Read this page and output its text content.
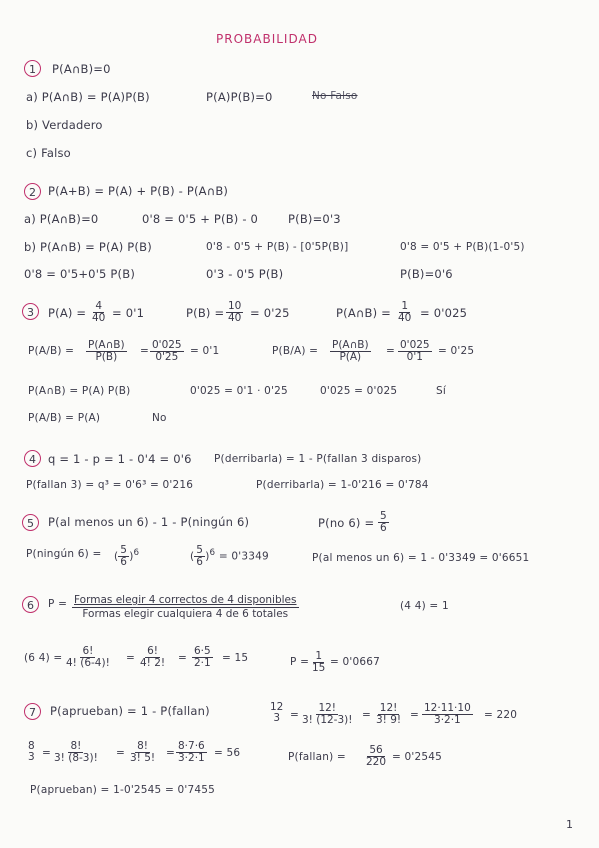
PROBABILIDAD
1	P(A∩B)=0
a) P(A∩B) = P(A)P(B)	P(A)P(B)=0	No Falso
b) Verdadero
c) Falso
2	P(A+B) = P(A) + P(B) - P(A∩B)
a) P(A∩B)=0	0'8 = 0'5 + P(B) - 0	P(B)=0'3
b) P(A∩B) = P(A) P(B)	0'8 - 0'5 + P(B) - [0'5P(B)]	0'8 = 0'5 + P(B)(1-0'5)
0'8 = 0'5+0'5 P(B)	0'3 - 0'5 P(B)	P(B)=0'6
3	$P(A) = \frac{4}{40} = 0'1$	$P(B) = \frac{10}{40} = 0'25$	P(A∩B) = $\frac{1}{40} = 0'025$
$P(A/B) = \frac{P(A\cap B)}{P(B)} = \frac{0'025}{0'25} = 0'1$	$P(B/A) = \frac{P(A\cap B)}{P(A)} = \frac{0'025}{0'1} = 0'25$
P(A∩B) = P(A) P(B)	0'025 = 0'1 · 0'25	0'025 = 0'025	Sí
P(A/B) = P(A)	No
4	q = 1 - p = 1 - 0'4 = 0'6 P(derribarla) = 1 - P(fallan 3 disparos)
P(fallan 3) = q³ = 0'6³ = 0'216	P(derribarla) = 1-0'216 = 0'784
5	P(al menos un 6) - 1 - P(ningún 6)	P(no $6) = \frac{5}{6}$
P(ningún 6) = ( $\frac{5}{6} )^6$	( $\frac{5}{6} )^6 = 0'3349$	P(al menos un 6) = 1 - 0'3349 = 0'6651
6	P = Formas elegir 4 correctos de 4 disponibles
Formas elegir cualquiera 4 de 6 totales
(4 4) = 1
(6 $4) = \frac{6!}{4! (6-4)!} = \frac{6!}{4! 2!} = \frac{6\cdot 5}{2\cdot 1} = 15$	$P = \frac{1}{15} = 0'0667$
7	P(aprueban) = 1 - P(fallan)	12
$3 = \frac{12!}{3! (12-3)!} = \frac{12!}{3! 9!} = \frac{12\cdot 11\cdot 10}{3\cdot 2\cdot 1} = 220$
8
$3 = \frac{8!}{3! (8-3)!} = \frac{8!}{3! 5!} = \frac{8\cdot 7\cdot 6}{3\cdot 2\cdot 1} = 56$	P(fallan) = $\frac{56}{220} = 0'2545$
P(aprueban) = 1-0'2545 = 0'7455
1
